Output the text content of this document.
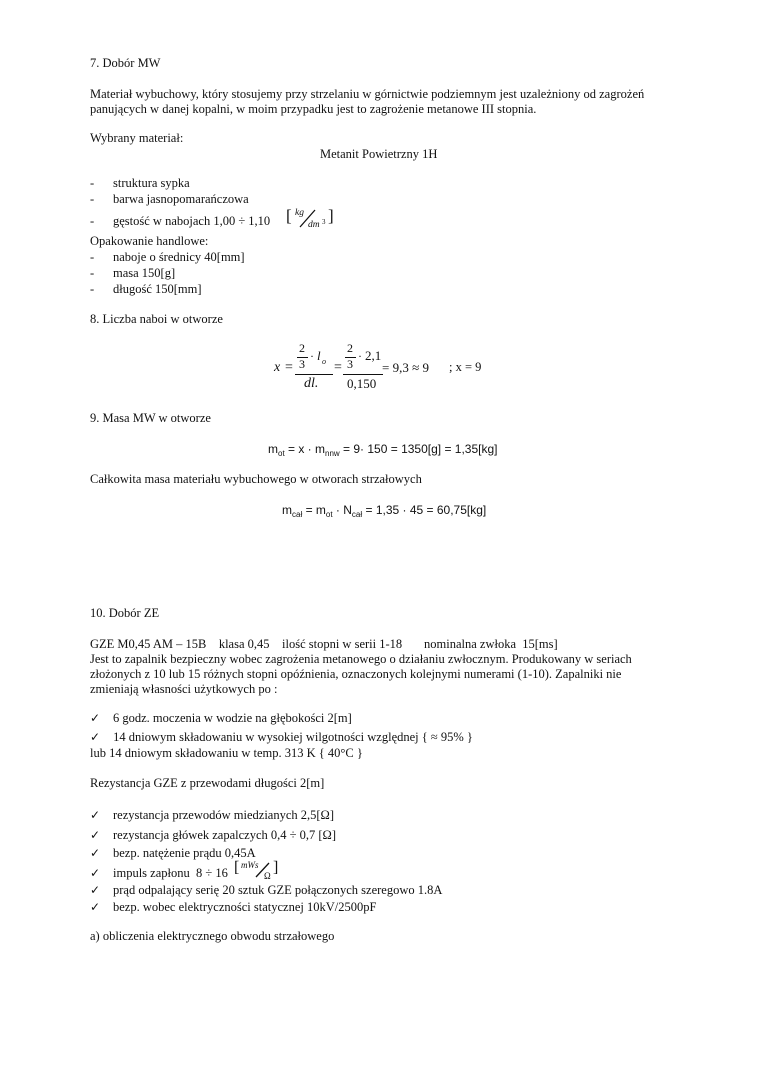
7. Dobór MW
Materiał wybuchowy, który stosujemy przy strzelaniu w górnictwie podziemnym jest uzależniony od zagrożeń
panujących w danej kopalni, w moim przypadku jest to zagrożenie metanowe III stopnia.
Wybrany materiał:
Metanit Powietrzny 1H
- struktura sypka
- barwa jasnopomarańczowa
- gęstość w nabojach 1,00 ÷ 1,10 [ kg
dm 3 ]
Opakowanie handlowe:
- naboje o średnicy 40[mm]
- masa 150[g]
- długość 150[mm]
8. Liczba naboi w otworze
x =
2
3
· l o
dl.
=
2
3
· 2,1
0,150
= 9,3 ≈ 9 ; x = 9
9. Masa MW w otworze
$m_{ot} = x \cdot m_{nnw} = 9\cdot 150 = 1350[g] = 1,35[kg]$
Całkowita masa materiału wybuchowego w otworach strzałowych
$m_{cał} = m_{ot} \cdot N_{cał} = 1,35 \cdot 45 = 60,75[kg]$
10. Dobór ZE
GZE M0,45 AM – 15B    klasa 0,45    ilość stopni w serii 1-18       nominalna zwłoka  15[ms]
Jest to zapalnik bezpieczny wobec zagrożenia metanowego o działaniu zwłocznym. Produkowany w seriach
złożonych z 10 lub 15 różnych stopni opóźnienia, oznaczonych kolejnymi numerami (1-10). Zapalniki nie
zmieniają własności użytkowych po :
✓ 6 godz. moczenia w wodzie na głębokości 2[m]
✓ 14 dniowym składowaniu w wysokiej wilgotności względnej { ≈ 95% }
lub 14 dniowym składowaniu w temp. 313 K { 40°C }
Rezystancja GZE z przewodami długości 2[m]
✓ rezystancja przewodów miedzianych 2,5[Ω]
✓ rezystancja główek zapalczych 0,4 ÷ 0,7 [Ω]
✓ bezp. natężenie prądu 0,45A
✓ impuls zapłonu  8 ÷ 16 [ mWs
Ω ]
✓ prąd odpalający serię 20 sztuk GZE połączonych szeregowo 1.8A
✓ bezp. wobec elektryczności statycznej 10kV/2500pF
a) obliczenia elektrycznego obwodu strzałowego
